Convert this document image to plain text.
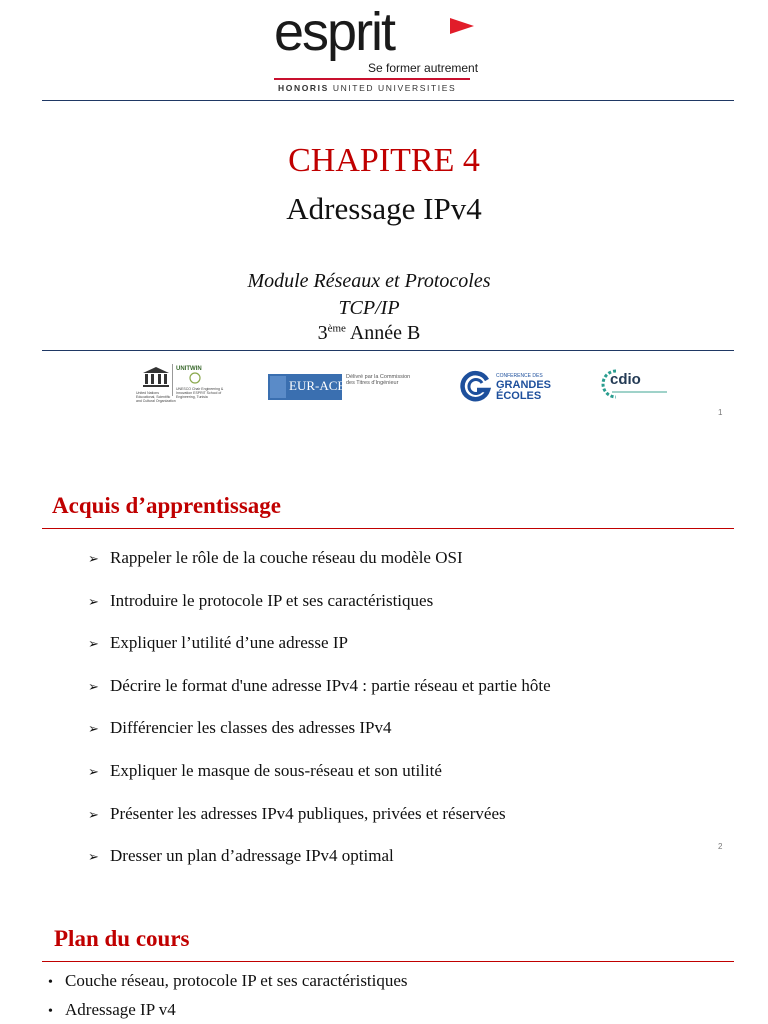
esprit
Se former autrement
HONORIS UNITED UNIVERSITIES
CHAPITRE 4
Adressage IPv4
Module Réseaux et Protocoles
TCP/IP
3ème Année B
United Nations Educational, Scientific and Cultural Organization
UNITWIN
UNESCO Chair Engineering & Innovation ESPRIT School of Engineering, Tunisia
EUR-ACE
Délivré par la Commission des Titres d'Ingénieur
CONFERENCE DES
GRANDES
ÉCOLES
cdio
1
Acquis d’apprentissage
➢ Rappeler le rôle de la couche réseau du modèle OSI
➢ Introduire le protocole IP et ses caractéristiques
➢ Expliquer l’utilité d’une adresse IP
➢ Décrire le format d'une adresse IPv4 : partie réseau et partie hôte
➢ Différencier les classes des adresses IPv4
➢ Expliquer le masque de sous-réseau et son utilité
➢ Présenter les adresses IPv4 publiques, privées et réservées
➢ Dresser un plan d’adressage IPv4 optimal	2
Plan du cours
• Couche réseau, protocole IP et ses caractéristiques
• Adressage IP v4
